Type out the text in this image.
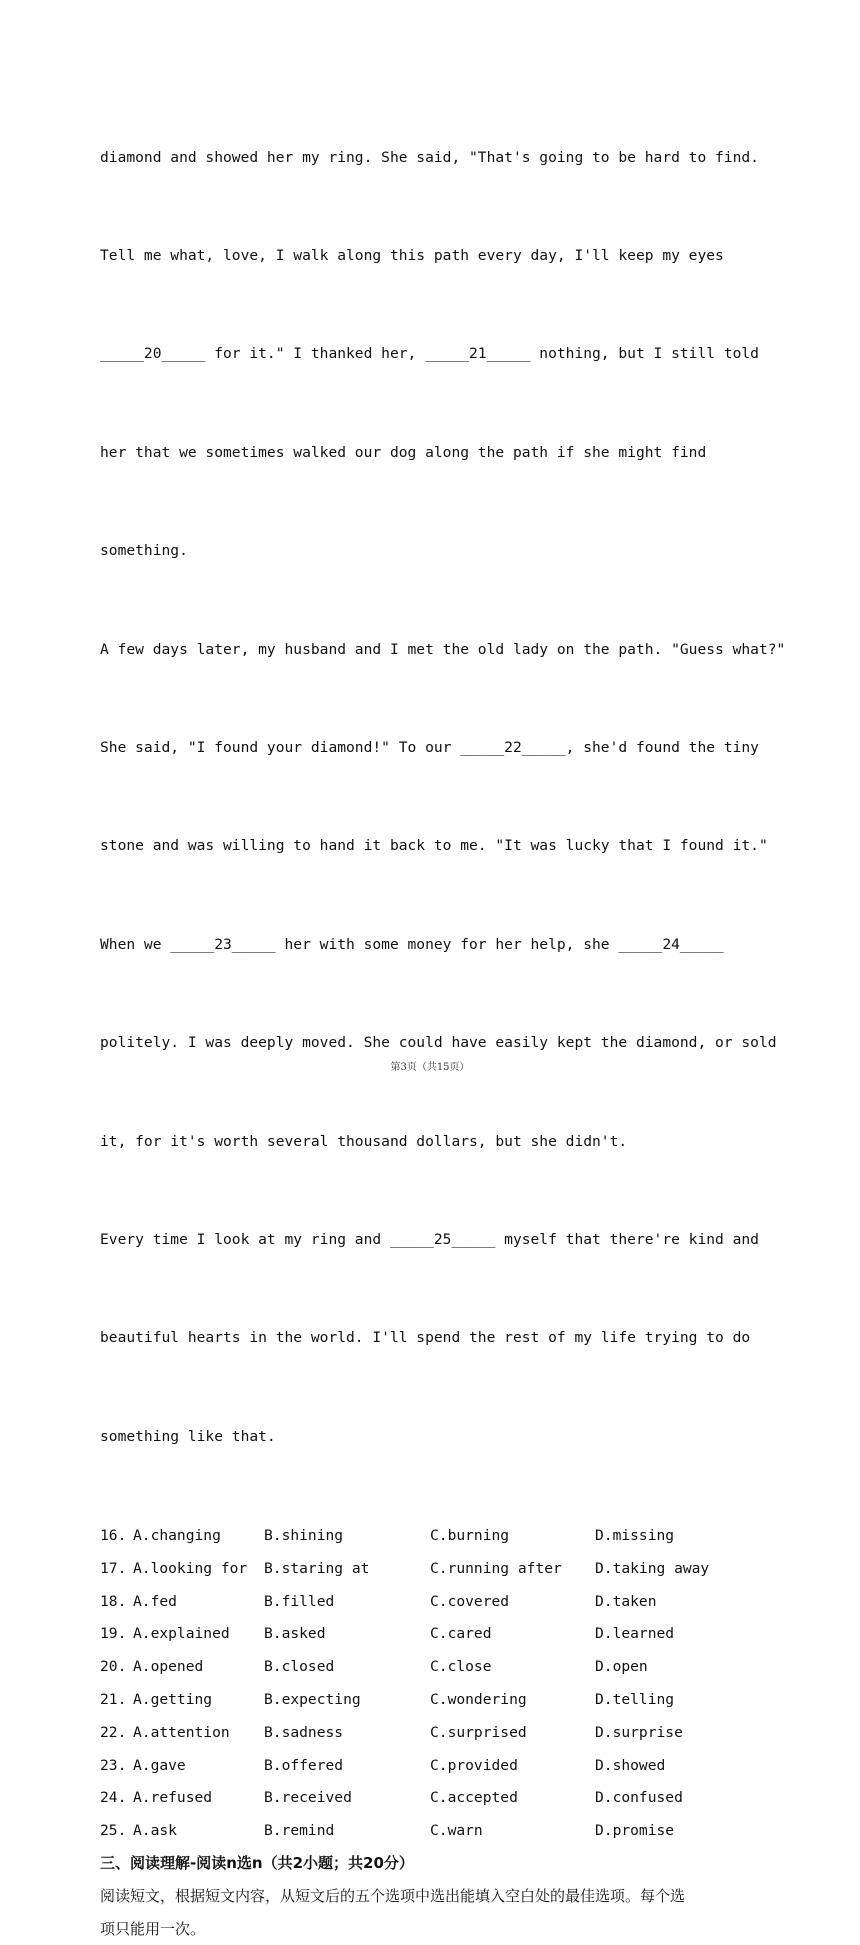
diamond and showed her my ring. She said, "That's going to be hard to find.

Tell me what, love, I walk along this path every day, I'll keep my eyes

_____20_____ for it." I thanked her, _____21_____ nothing, but I still told

her that we sometimes walked our dog along the path if she might find

something.

A few days later, my husband and I met the old lady on the path. "Guess what?"

She said, "I found your diamond!" To our _____22_____, she'd found the tiny

stone and was willing to hand it back to me. "It was lucky that I found it."

When we _____23_____ her with some money for her help, she _____24_____

politely. I was deeply moved. She could have easily kept the diamond, or sold

it, for it's worth several thousand dollars, but she didn't.

Every time I look at my ring and _____25_____ myself that there're kind and

beautiful hearts in the world. I'll spend the rest of my life trying to do

something like that.

16. A.changing	B.shining	C.burning	D.missing
17. A.looking for	B.staring at	C.running after	D.taking away
18. A.fed	B.filled	C.covered	D.taken
19. A.explained	B.asked	C.cared	D.learned
20. A.opened	B.closed	C.close	D.open
21. A.getting	B.expecting	C.wondering	D.telling
22. A.attention	B.sadness	C.surprised	D.surprise
23. A.gave	B.offered	C.provided	D.showed
24. A.refused	B.received	C.accepted	D.confused
25. A.ask	B.remind	C.warn	D.promise
三、阅读理解-阅读n选n（共2小题；共20分）
阅读短文，根据短文内容，从短文后的五个选项中选出能填入空白处的最佳选项。每个选
项只能用一次。
第3页（共15页）
